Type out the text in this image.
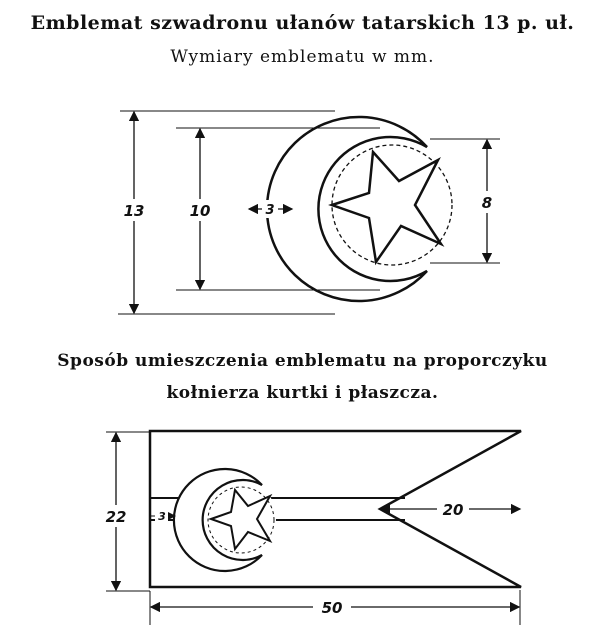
Emblemat szwadronu ułanów tatarskich 13 p. uł.
Wymiary emblematu w mm.
Sposób umieszczenia emblematu na proporczyku
kołnierza kurtki i płaszcza.
13	10	3	8
22	3	20
50
